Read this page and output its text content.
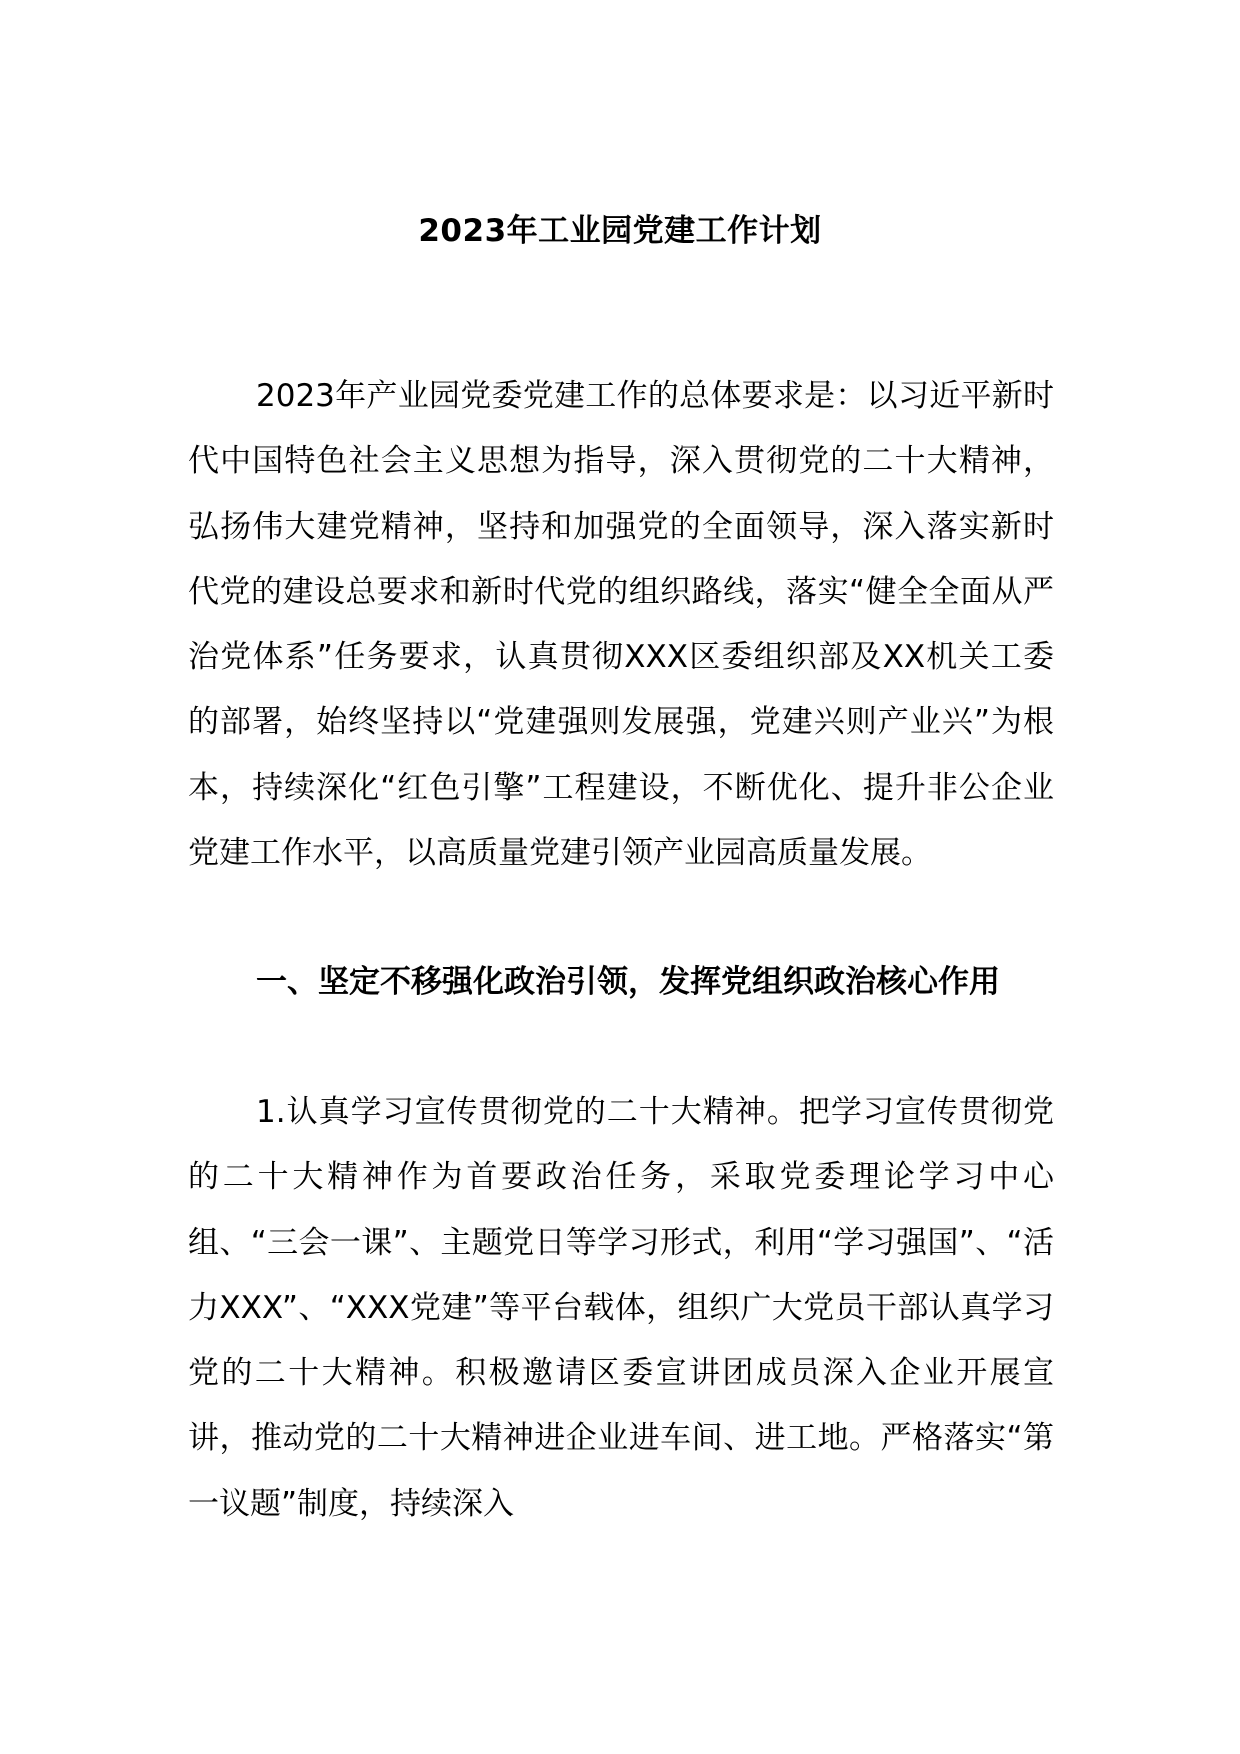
2023年工业园党建工作计划

2023年产业园党委党建工作的总体要求是：以习近平新时代中国特色社会主义思想为指导，深入贯彻党的二十大精神，弘扬伟大建党精神，坚持和加强党的全面领导，深入落实新时代党的建设总要求和新时代党的组织路线，落实“健全全面从严治党体系”任务要求，认真贯彻XXX区委组织部及XX机关工委的部署，始终坚持以“党建强则发展强，党建兴则产业兴”为根本，持续深化“红色引擎”工程建设，不断优化、提升非公企业党建工作水平，以高质量党建引领产业园高质量发展。

一、坚定不移强化政治引领，发挥党组织政治核心作用

1.认真学习宣传贯彻党的二十大精神。把学习宣传贯彻党的二十大精神作为首要政治任务，采取党委理论学习中心组、“三会一课”、主题党日等学习形式，利用“学习强国”、“活力XXX”、“XXX党建”等平台载体，组织广大党员干部认真学习党的二十大精神。积极邀请区委宣讲团成员深入企业开展宣讲，推动党的二十大精神进企业进车间、进工地。严格落实“第一议题”制度，持续深入
